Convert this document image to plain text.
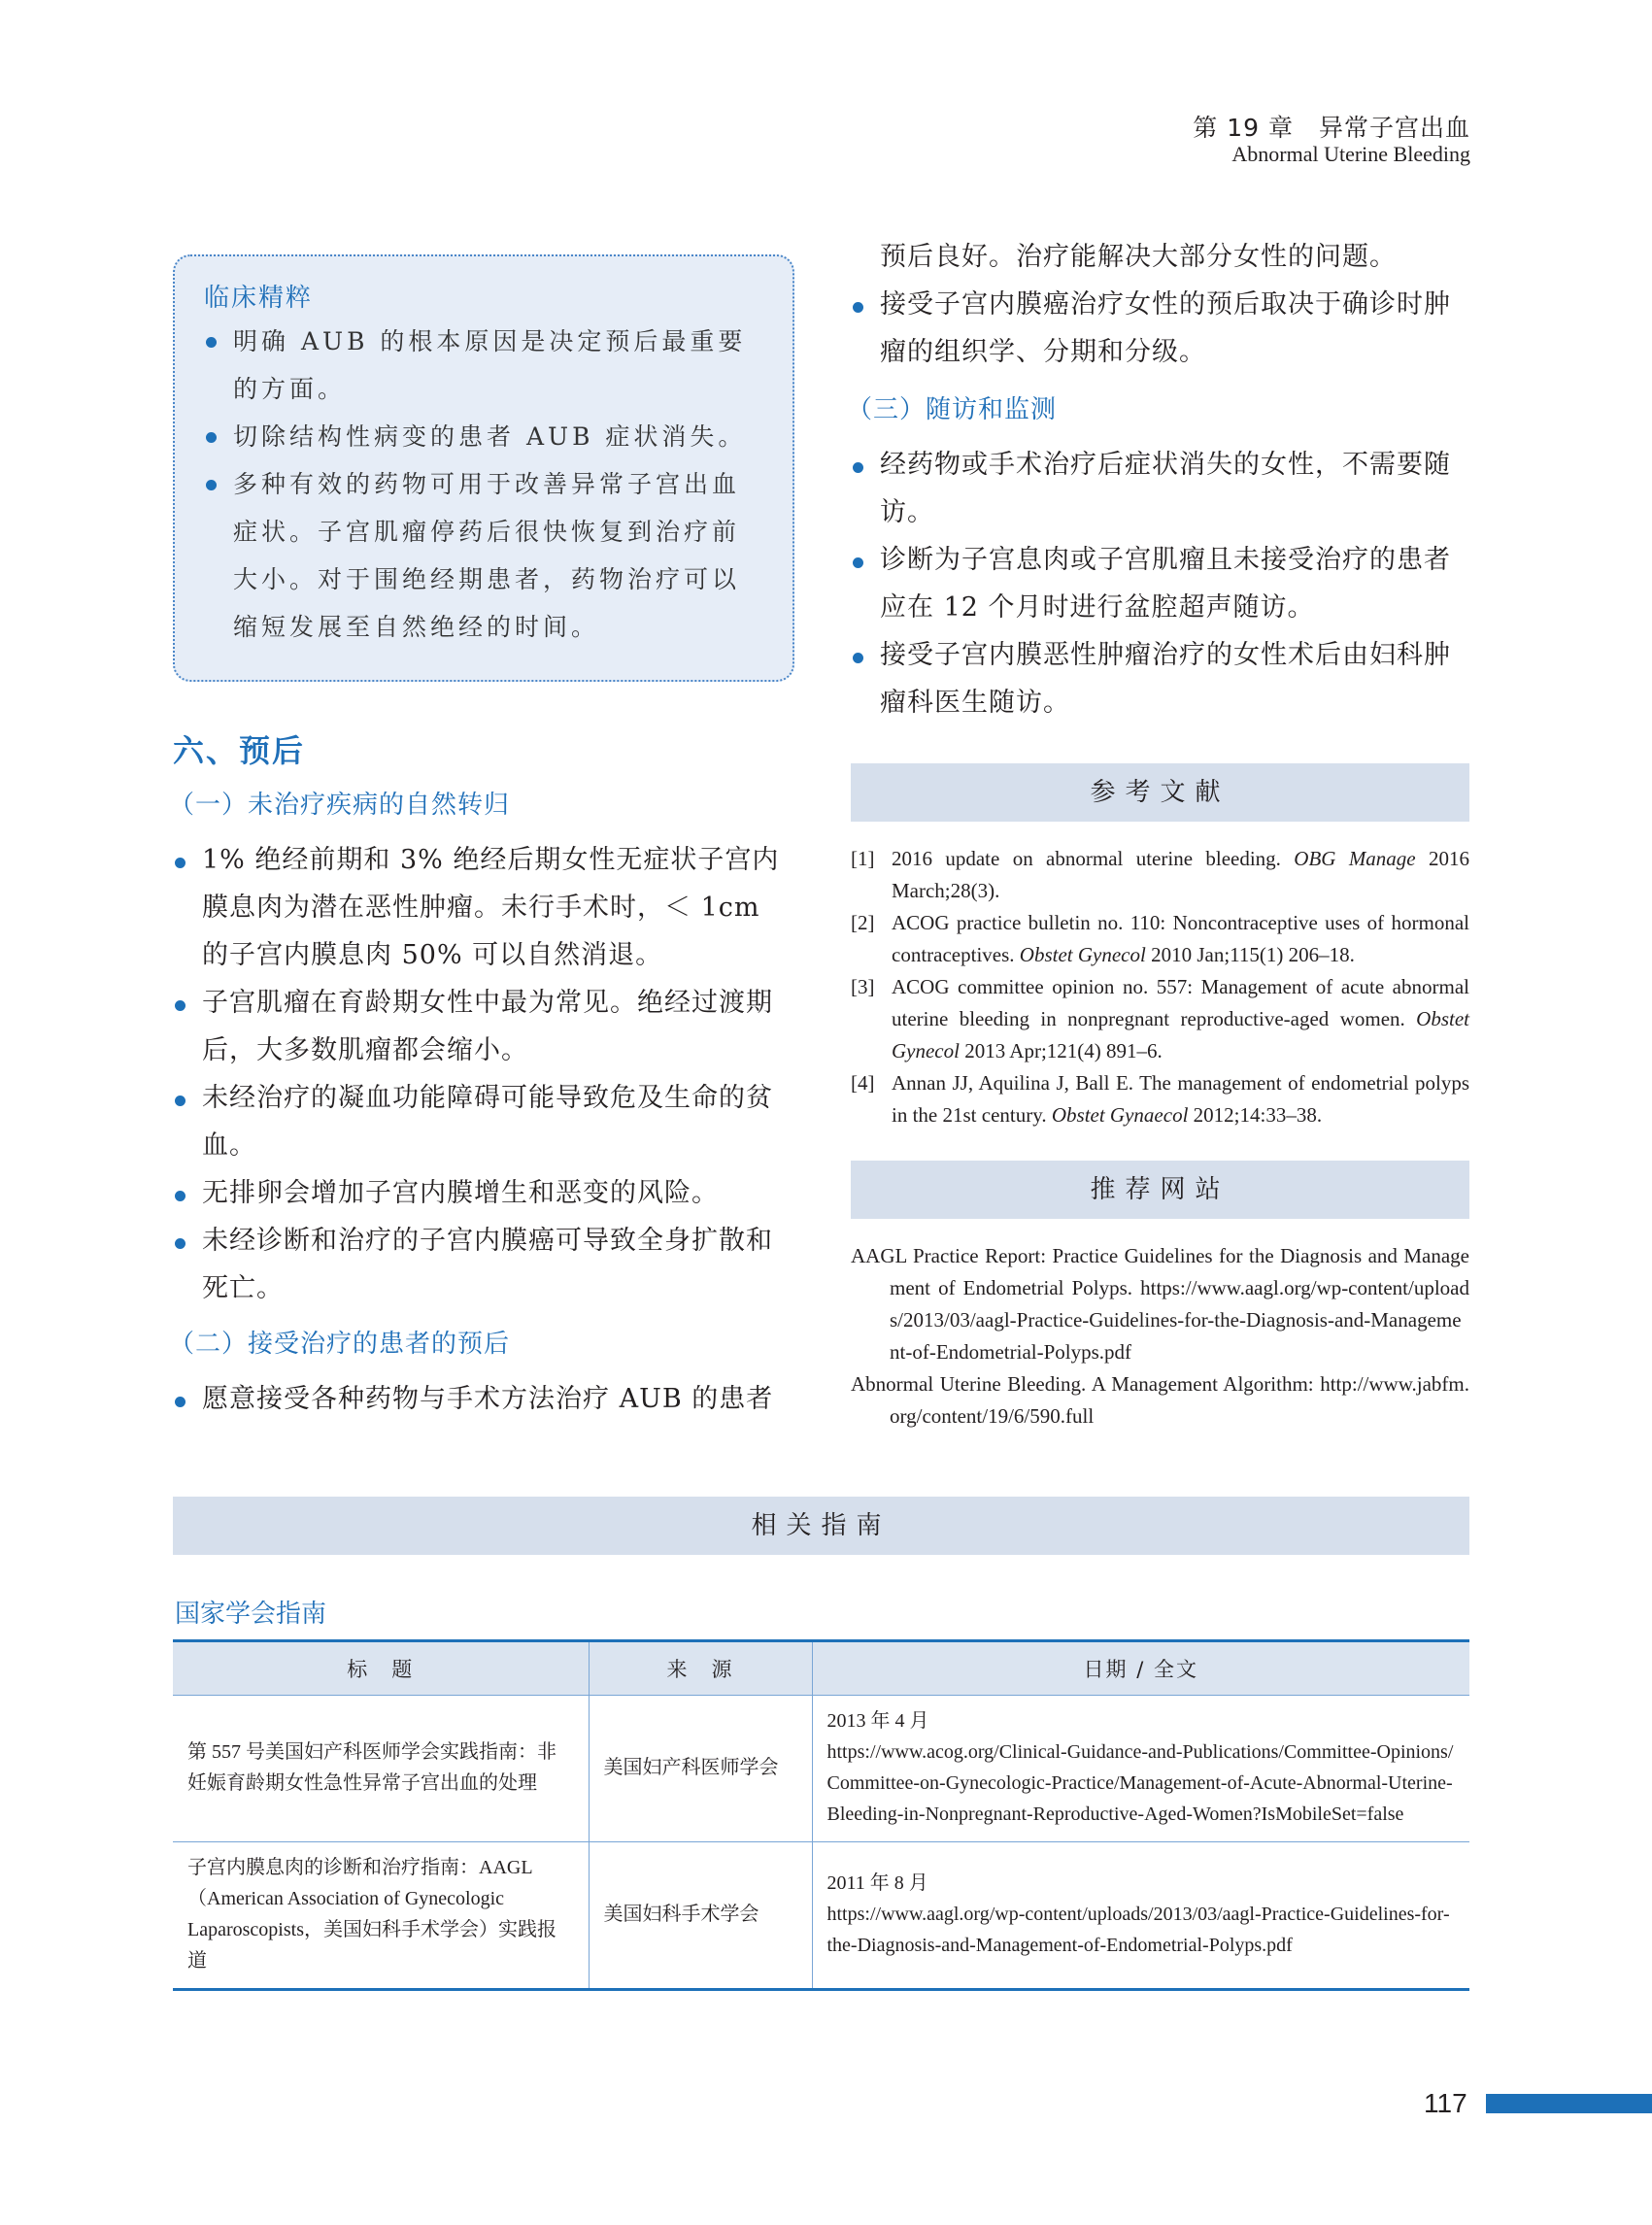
第 19 章　异常子宫出血
Abnormal Uterine Bleeding
临床精粹
明确 AUB 的根本原因是决定预后最重要的方面。
切除结构性病变的患者 AUB 症状消失。
多种有效的药物可用于改善异常子宫出血症状。子宫肌瘤停药后很快恢复到治疗前大小。对于围绝经期患者，药物治疗可以缩短发展至自然绝经的时间。
六、预后
（一）未治疗疾病的自然转归
1% 绝经前期和 3% 绝经后期女性无症状子宫内膜息肉为潜在恶性肿瘤。未行手术时，＜ 1cm 的子宫内膜息肉 50% 可以自然消退。
子宫肌瘤在育龄期女性中最为常见。绝经过渡期后，大多数肌瘤都会缩小。
未经治疗的凝血功能障碍可能导致危及生命的贫血。
无排卵会增加子宫内膜增生和恶变的风险。
未经诊断和治疗的子宫内膜癌可导致全身扩散和死亡。
（二）接受治疗的患者的预后
愿意接受各种药物与手术方法治疗 AUB 的患者
预后良好。治疗能解决大部分女性的问题。
接受子宫内膜癌治疗女性的预后取决于确诊时肿瘤的组织学、分期和分级。
（三）随访和监测
经药物或手术治疗后症状消失的女性，不需要随访。
诊断为子宫息肉或子宫肌瘤且未接受治疗的患者应在 12 个月时进行盆腔超声随访。
接受子宫内膜恶性肿瘤治疗的女性术后由妇科肿瘤科医生随访。
参考文献
[1] 2016 update on abnormal uterine bleeding. OBG Manage 2016 March;28(3).
[2] ACOG practice bulletin no. 110: Noncontraceptive uses of hormonal contraceptives. Obstet Gynecol 2010 Jan;115(1) 206–18.
[3] ACOG committee opinion no. 557: Management of acute abnormal uterine bleeding in nonpregnant reproductive-aged women. Obstet Gynecol 2013 Apr;121(4) 891–6.
[4] Annan JJ, Aquilina J, Ball E. The management of endometrial polyps in the 21st century. Obstet Gynaecol 2012;14:33–38.
推荐网站
AAGL Practice Report: Practice Guidelines for the Diagnosis and Management of Endometrial Polyps. https://www.aagl.org/wp-content/uploads/2013/03/aagl-Practice-Guidelines-for-the-Diagnosis-and-Management-of-Endometrial-Polyps.pdf
Abnormal Uterine Bleeding. A Management Algorithm: http://www.jabfm.org/content/19/6/590.full
相关指南
国家学会指南
标　题	来　源	日期 / 全文
第 557 号美国妇产科医师学会实践指南：非妊娠育龄期女性急性异常子宫出血的处理	美国妇产科医师学会	2013 年 4 月
https://www.acog.org/Clinical-Guidance-and-Publications/Committee-Opinions/Committee-on-Gynecologic-Practice/Management-of-Acute-Abnormal-Uterine-Bleeding-in-Nonpregnant-Reproductive-Aged-Women?IsMobileSet=false

子宫内膜息肉的诊断和治疗指南：AAGL（American Association of Gynecologic Laparoscopists，美国妇科手术学会）实践报道	美国妇科手术学会	2011 年 8 月
https://www.aagl.org/wp-content/uploads/2013/03/aagl-Practice-Guidelines-for-the-Diagnosis-and-Management-of-Endometrial-Polyps.pdf
117
